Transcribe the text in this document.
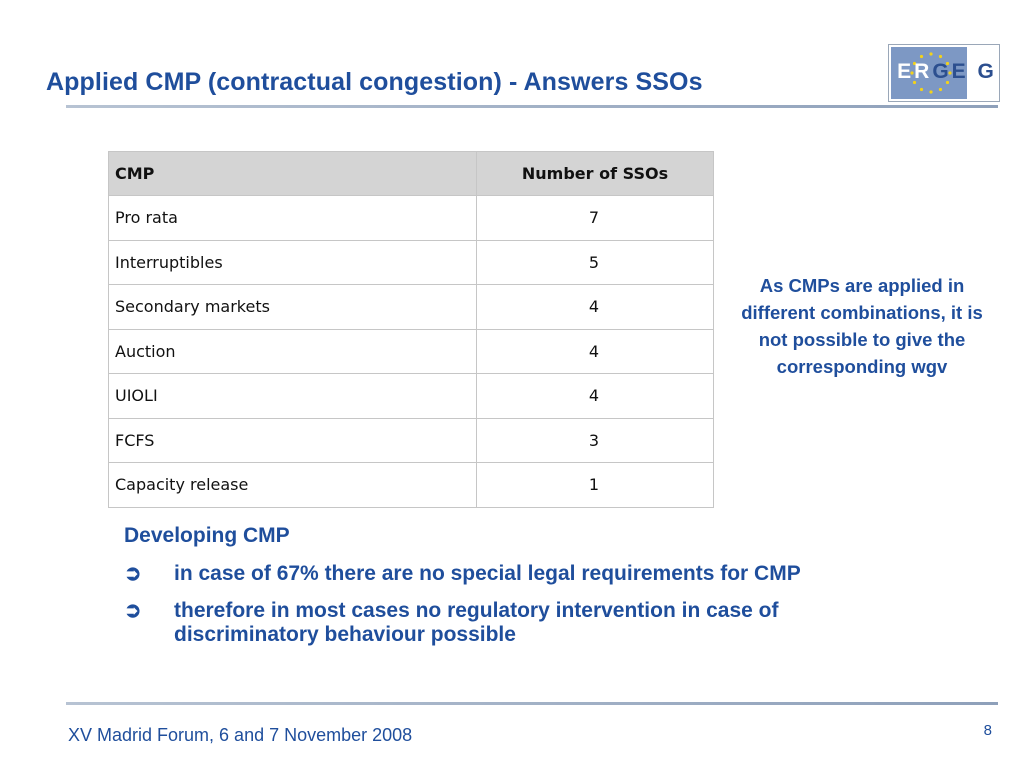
Applied CMP (contractual congestion) - Answers SSOs	ERGE G
CMP	Number of SSOs
Pro rata	7
Interruptibles	5
Secondary markets	4
Auction	4
UIOLI	4
FCFS	3
Capacity release	1
As CMPs are applied in different combinations, it is not possible to give the corresponding wgv
Developing CMP
➲ in case of 67% there are no special legal requirements for CMP
➲ therefore in most cases no regulatory intervention in case of discriminatory behaviour possible
XV Madrid Forum, 6 and 7 November 2008	8
